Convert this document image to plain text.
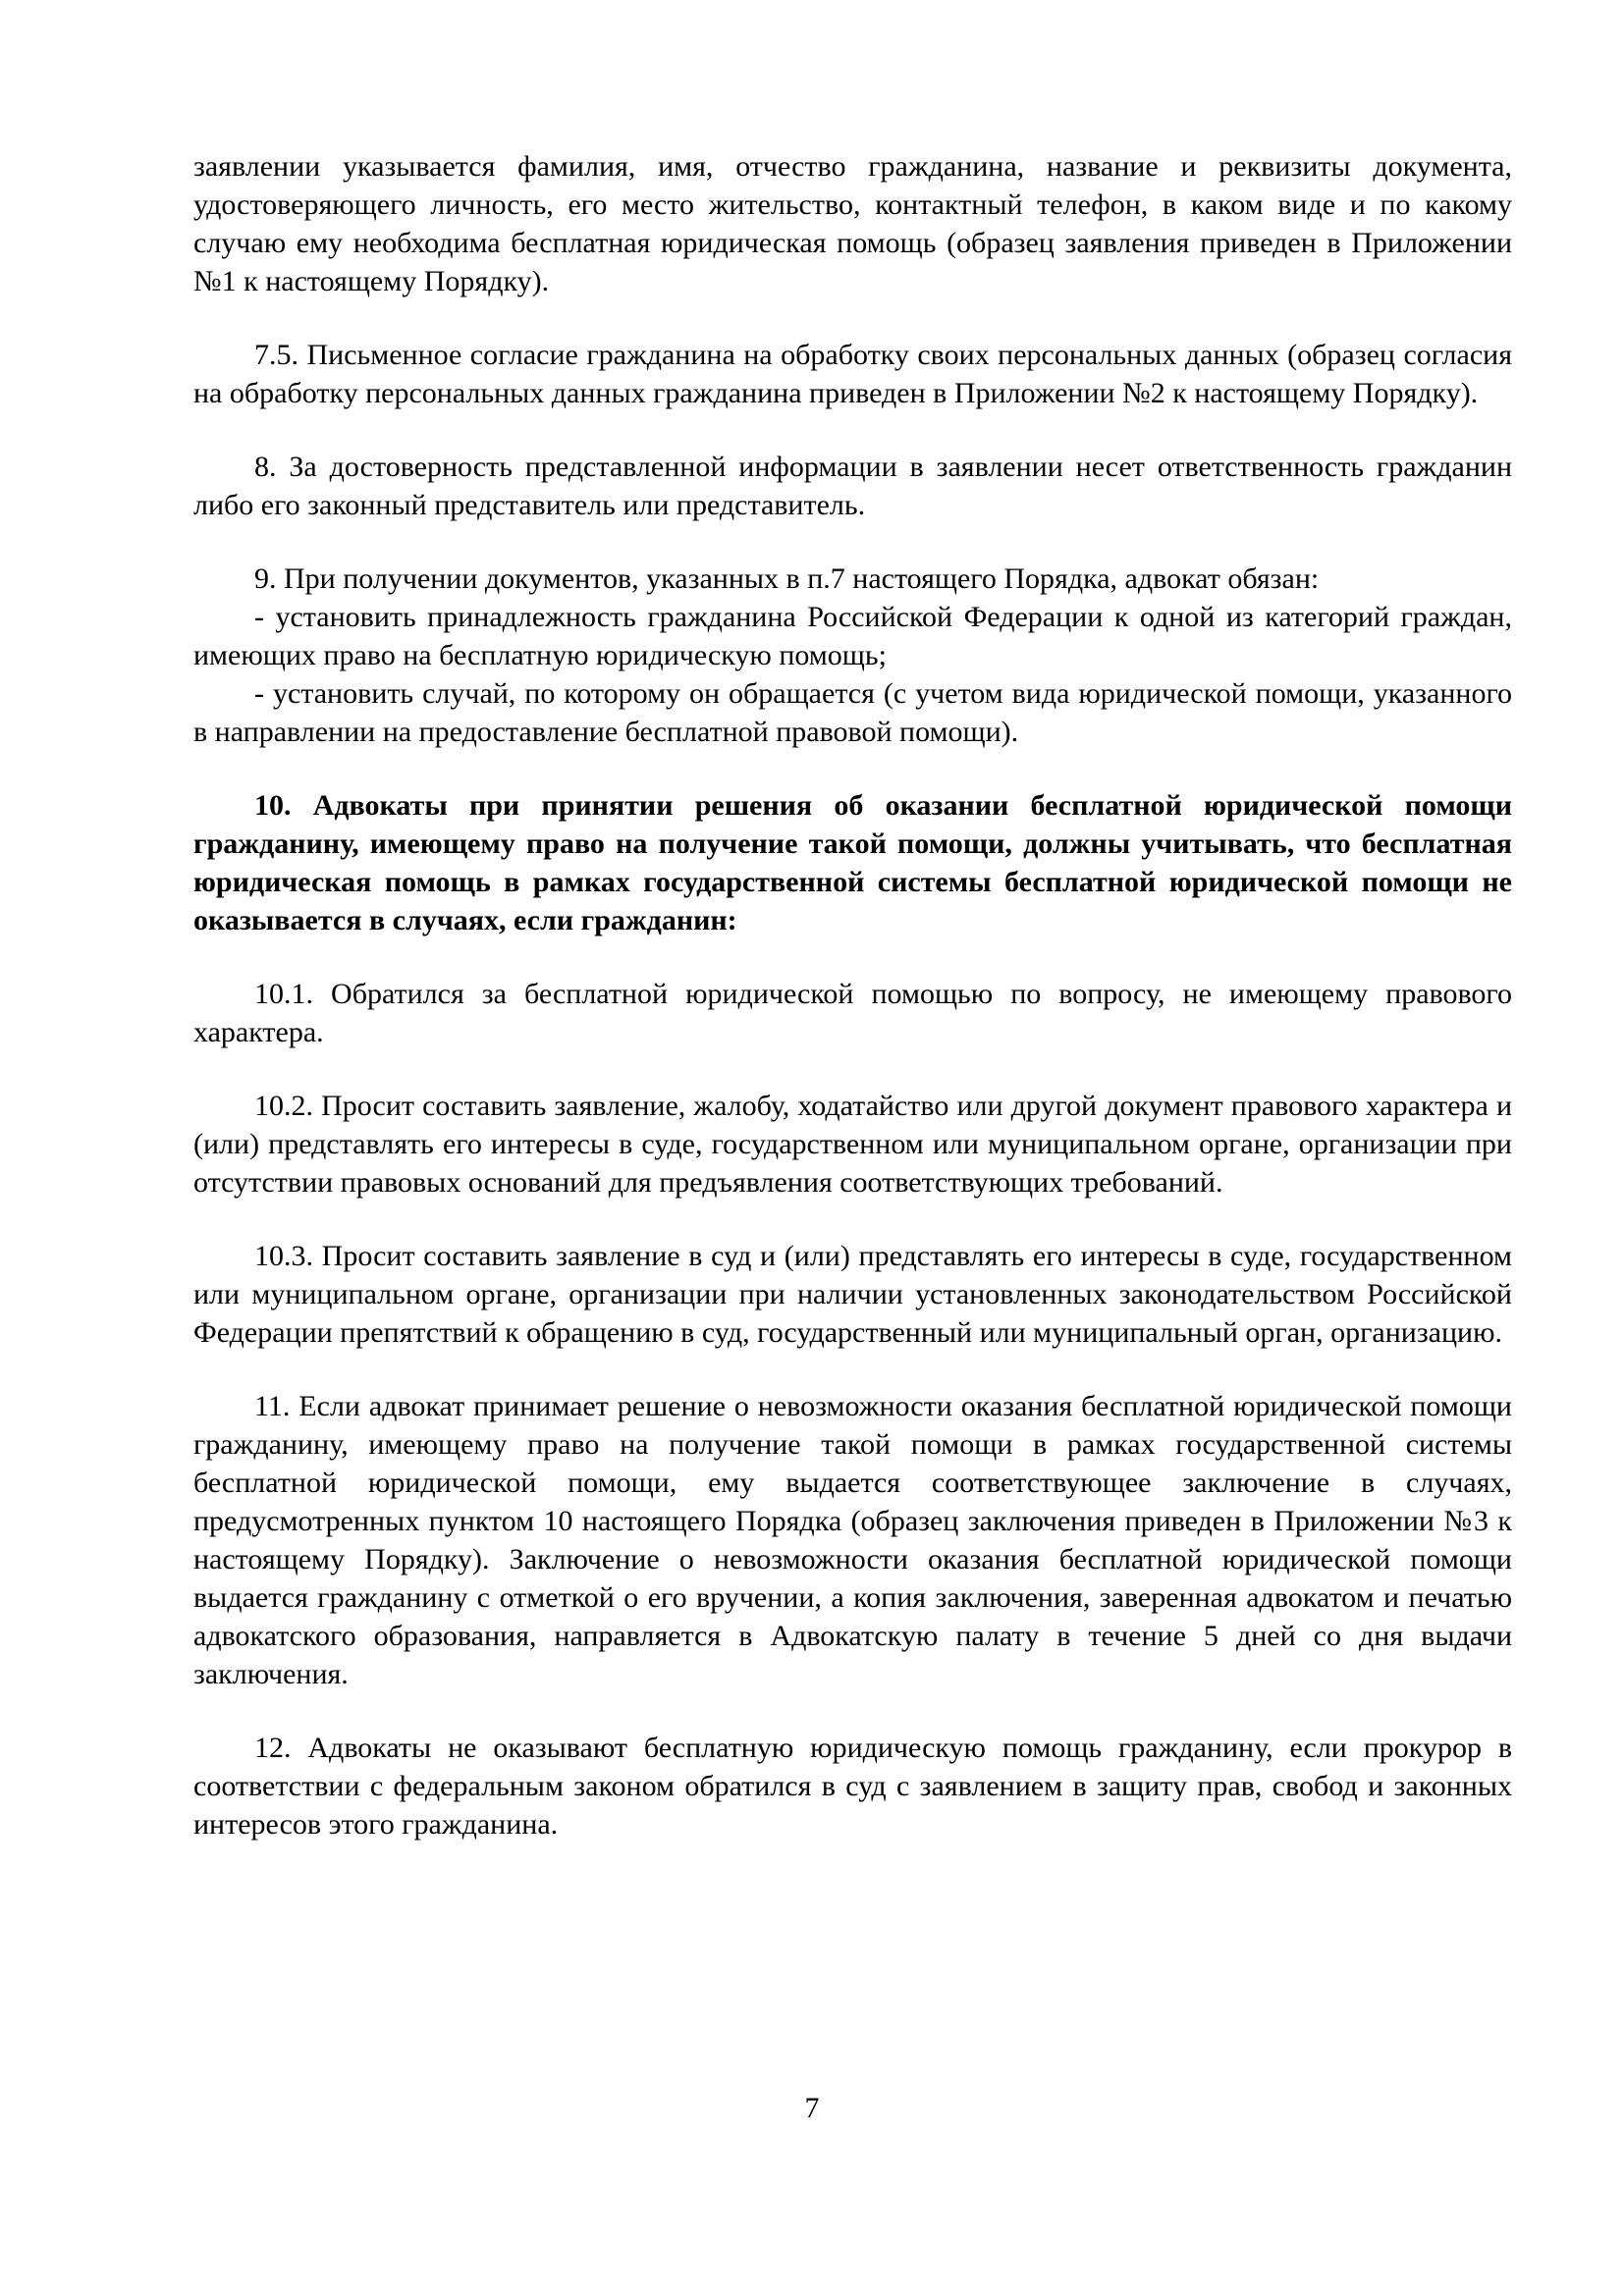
заявлении указывается фамилия, имя, отчество гражданина, название и реквизиты документа, удостоверяющего личность, его место жительство, контактный телефон, в каком виде и по какому случаю ему необходима бесплатная юридическая помощь (образец заявления приведен в Приложении №1 к настоящему Порядку).

7.5. Письменное согласие гражданина на обработку своих персональных данных (образец согласия на обработку персональных данных гражданина приведен в Приложении №2 к настоящему Порядку).

8. За достоверность представленной информации в заявлении несет ответственность гражданин либо его законный представитель или представитель.

9. При получении документов, указанных в п.7 настоящего Порядка, адвокат обязан:

- установить принадлежность гражданина Российской Федерации к одной из категорий граждан, имеющих право на бесплатную юридическую помощь;

- установить случай, по которому он обращается (с учетом вида юридической помощи, указанного в направлении на предоставление бесплатной правовой помощи).

10. Адвокаты при принятии решения об оказании бесплатной юридической помощи гражданину, имеющему право на получение такой помощи, должны учитывать, что бесплатная юридическая помощь в рамках государственной системы бесплатной юридической помощи не оказывается в случаях, если гражданин:

10.1. Обратился за бесплатной юридической помощью по вопросу, не имеющему правового характера.

10.2. Просит составить заявление, жалобу, ходатайство или другой документ правового характера и (или) представлять его интересы в суде, государственном или муниципальном органе, организации при отсутствии правовых оснований для предъявления соответствующих требований.

10.3. Просит составить заявление в суд и (или) представлять его интересы в суде, государственном или муниципальном органе, организации при наличии установленных законодательством Российской Федерации препятствий к обращению в суд, государственный или муниципальный орган, организацию.

11. Если адвокат принимает решение о невозможности оказания бесплатной юридической помощи гражданину, имеющему право на получение такой помощи в рамках государственной системы бесплатной юридической помощи, ему выдается соответствующее заключение в случаях, предусмотренных пунктом 10 настоящего Порядка (образец заключения приведен в Приложении №3 к настоящему Порядку). Заключение о невозможности оказания бесплатной юридической помощи выдается гражданину с отметкой о его вручении, а копия заключения, заверенная адвокатом и печатью адвокатского образования, направляется в Адвокатскую палату в течение 5 дней со дня выдачи заключения.

12. Адвокаты не оказывают бесплатную юридическую помощь гражданину, если прокурор в соответствии с федеральным законом обратился в суд с заявлением в защиту прав, свобод и законных интересов этого гражданина.

7
